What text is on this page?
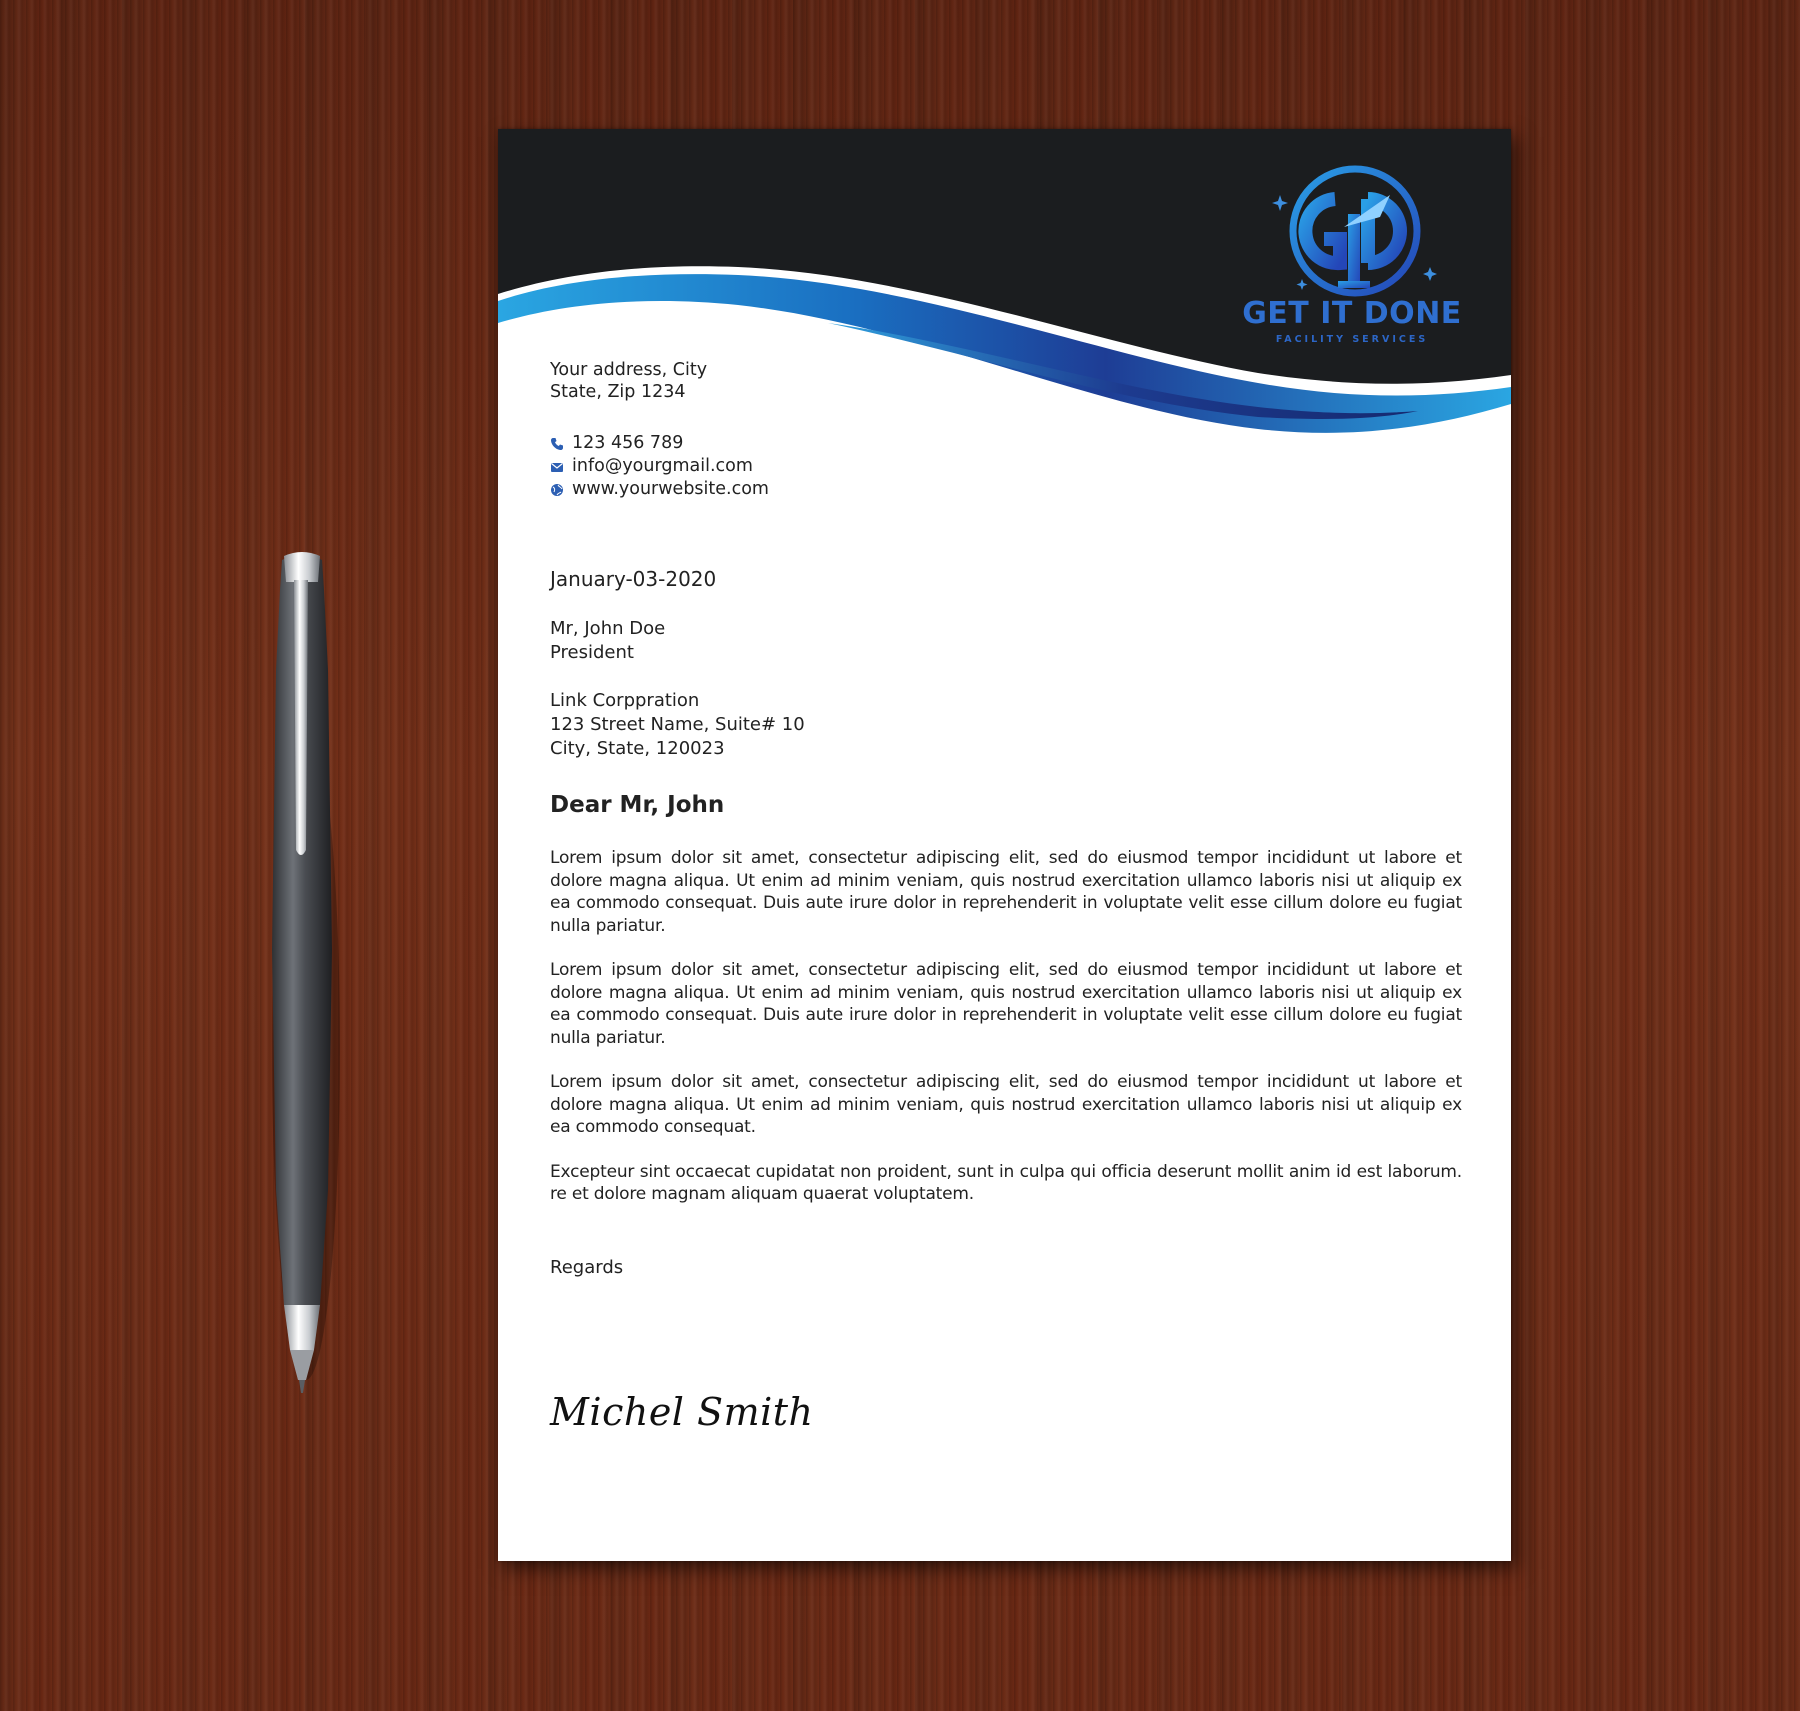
GET IT DONE
FACILITY SERVICES
Your address, City
State, Zip 1234
123 456 789
info@yourgmail.com
www.yourwebsite.com
January-03-2020
Mr, John Doe
President
Link Corppration
123 Street Name, Suite# 10
City, State, 120023
Dear Mr, John

Lorem ipsum dolor sit amet, consectetur adipiscing elit, sed do eiusmod tempor incididunt ut labore et dolore magna aliqua. Ut enim ad minim veniam, quis nostrud exercitation ullamco laboris nisi ut aliquip ex ea commodo consequat. Duis aute irure dolor in reprehenderit in voluptate velit esse cillum dolore eu fugiat nulla pariatur.

Lorem ipsum dolor sit amet, consectetur adipiscing elit, sed do eiusmod tempor incididunt ut labore et dolore magna aliqua. Ut enim ad minim veniam, quis nostrud exercitation ullamco laboris nisi ut aliquip ex ea commodo consequat. Duis aute irure dolor in reprehenderit in voluptate velit esse cillum dolore eu fugiat nulla pariatur.

Lorem ipsum dolor sit amet, consectetur adipiscing elit, sed do eiusmod tempor incididunt ut labore et dolore magna aliqua. Ut enim ad minim veniam, quis nostrud exercitation ullamco laboris nisi ut aliquip ex ea commodo consequat.

Excepteur sint occaecat cupidatat non proident, sunt in culpa qui officia deserunt mollit anim id est laborum. re et dolore magnam aliquam quaerat voluptatem.

Regards
Michel Smith
